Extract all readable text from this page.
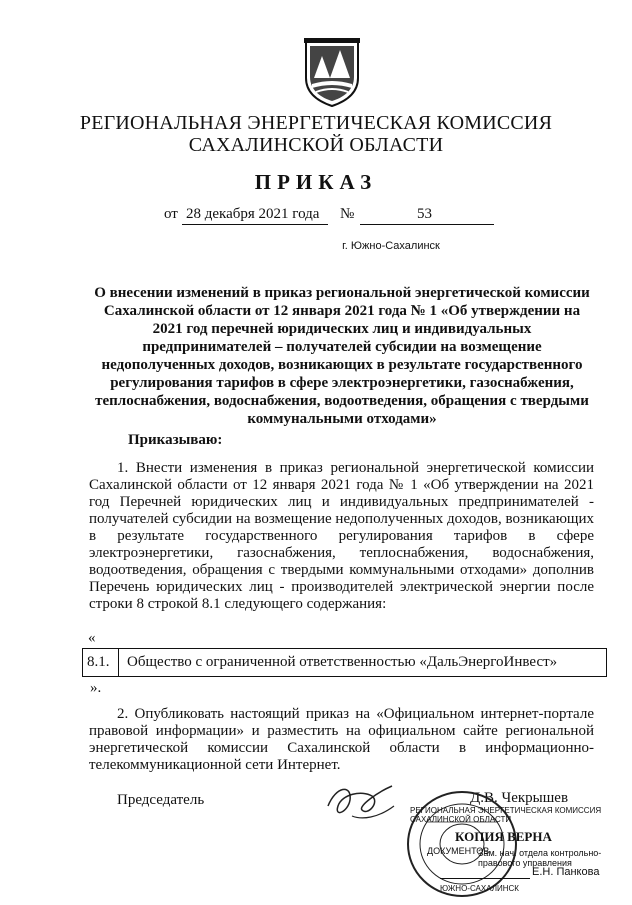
РЕГИОНАЛЬНАЯ ЭНЕРГЕТИЧЕСКАЯ КОМИССИЯ
САХАЛИНСКОЙ ОБЛАСТИ
ПРИКАЗ
от 28 декабря 2021 года №	53
г. Южно-Сахалинск
О внесении изменений в приказ региональной энергетической комиссии Сахалинской области от 12 января 2021 года № 1 «Об утверждении на 2021 год перечней юридических лиц и индивидуальных предпринимателей – получателей субсидии на возмещение недополученных доходов, возникающих в результате государственного регулирования тарифов в сфере электроэнергетики, газоснабжения, теплоснабжения, водоснабжения, водоотведения, обращения с твердыми коммунальными отходами»
Приказываю:
1. Внести изменения в приказ региональной энергетической комиссии Сахалинской области от 12 января 2021 года № 1 «Об утверждении на 2021 год Перечней юридических лиц и индивидуальных предпринимателей - получателей субсидии на возмещение недополученных доходов, возникающих в результате государственного регулирования тарифов в сфере электроэнергетики, газоснабжения, теплоснабжения, водоснабжения, водоотведения, обращения с твердыми коммунальными отходами» дополнив Перечень юридических лиц - производителей электрической энергии после строки 8 строкой 8.1 следующего содержания:
«
8.1.	Общество с ограниченной ответственностью «ДальЭнергоИнвест»
».
2. Опубликовать настоящий приказ на «Официальном интернет-портале правовой информации» и разместить на официальном сайте региональной энергетической комиссии Сахалинской области в информационно-телекоммуникационной сети Интернет.
Председатель	Д.В. Чекрышев
РЕГИОНАЛЬНАЯ ЭНЕРГЕТИЧЕСКАЯ КОМИССИЯ САХАЛИНСКОЙ ОБЛАСТИ
ЮЖНО-САХАЛИНСК
КОПИЯ ВЕРНА
ДОКУМЕНТОВ
Зам. нач. отдела контрольно-правового управления
Е.Н. Панкова
